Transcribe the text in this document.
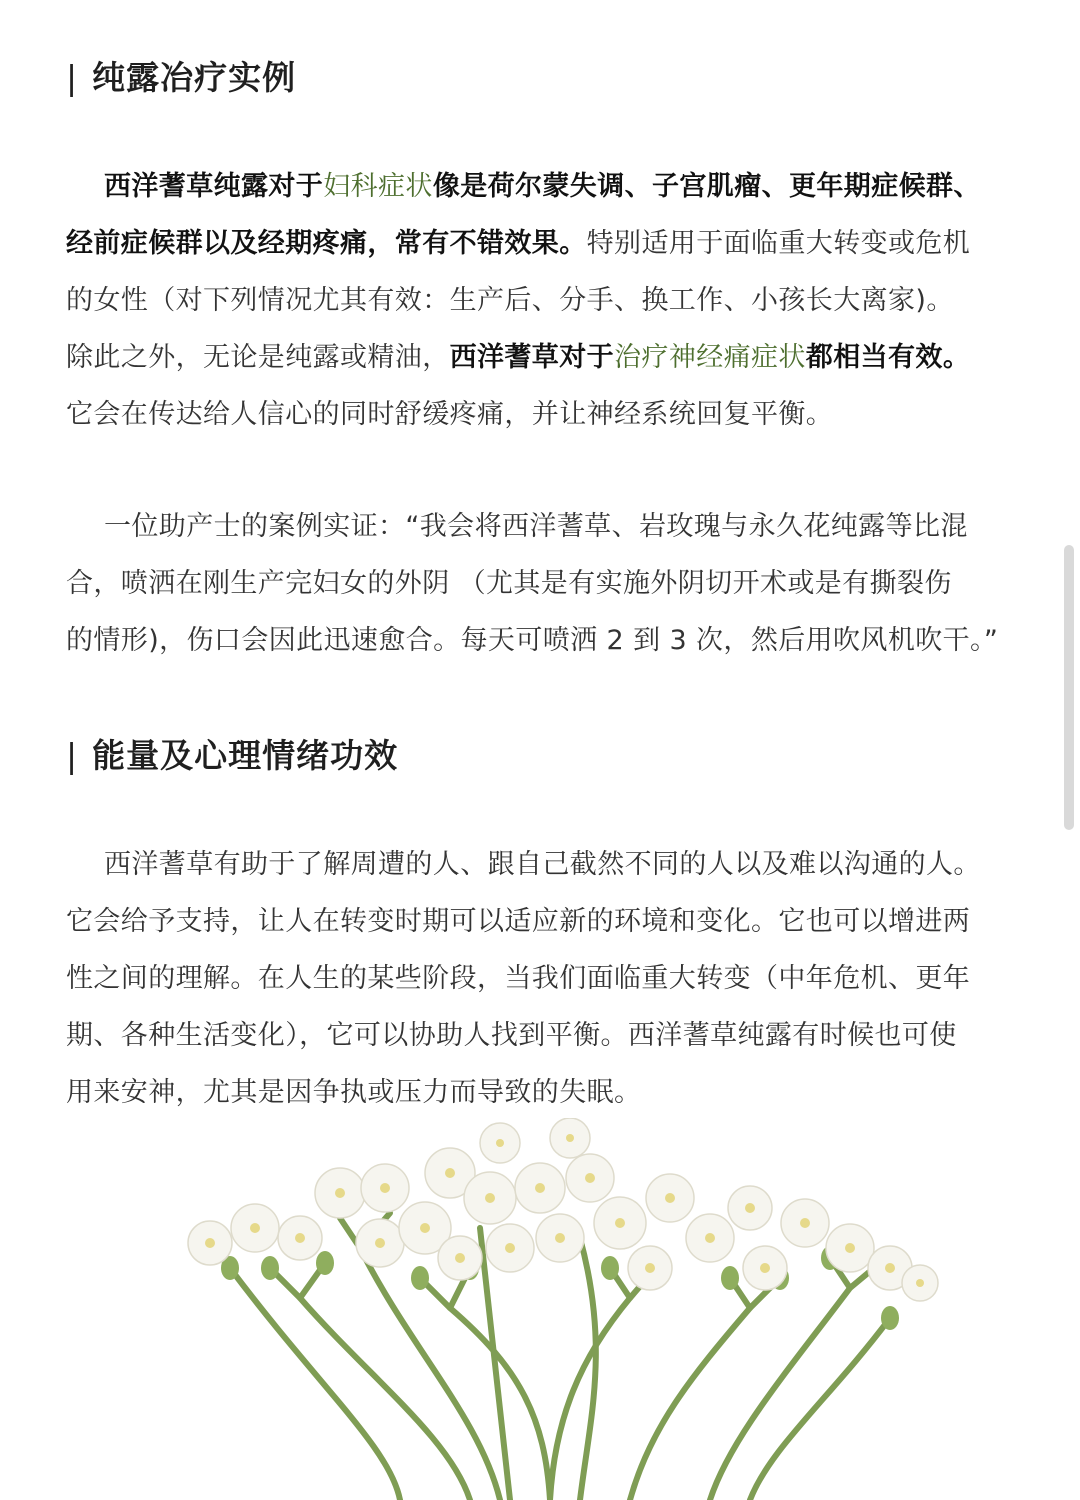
| 纯露冶疗实例
西洋蓍草纯露对于妇科症状像是荷尔蒙失调、子宫肌瘤、更年期症候群、
经前症候群以及经期疼痛，常有不错效果。特别适用于面临重大转变或危机
的女性（对下列情况尤其有效：生产后、分手、换工作、小孩长大离家)。
除此之外，无论是纯露或精油，西洋蓍草对于治疗神经痛症状都相当有效。
它会在传达给人信心的同时舒缓疼痛，并让神经系统回复平衡。
一位助产士的案例实证：“我会将西洋蓍草、岩玫瑰与永久花纯露等比混
合，喷洒在刚生产完妇女的外阴 （尤其是有实施外阴切开术或是有撕裂伤
的情形)，伤口会因此迅速愈合。每天可喷洒 2 到 3 次，然后用吹风机吹干。”
| 能量及心理情绪功效
西洋蓍草有助于了解周遭的人、跟自己截然不同的人以及难以沟通的人。
它会给予支持，让人在转变时期可以适应新的环境和变化。它也可以增进两
性之间的理解。在人生的某些阶段，当我们面临重大转变（中年危机、更年
期、各种生活变化），它可以协助人找到平衡。西洋蓍草纯露有时候也可使
用来安神，尤其是因争执或压力而导致的失眠。
